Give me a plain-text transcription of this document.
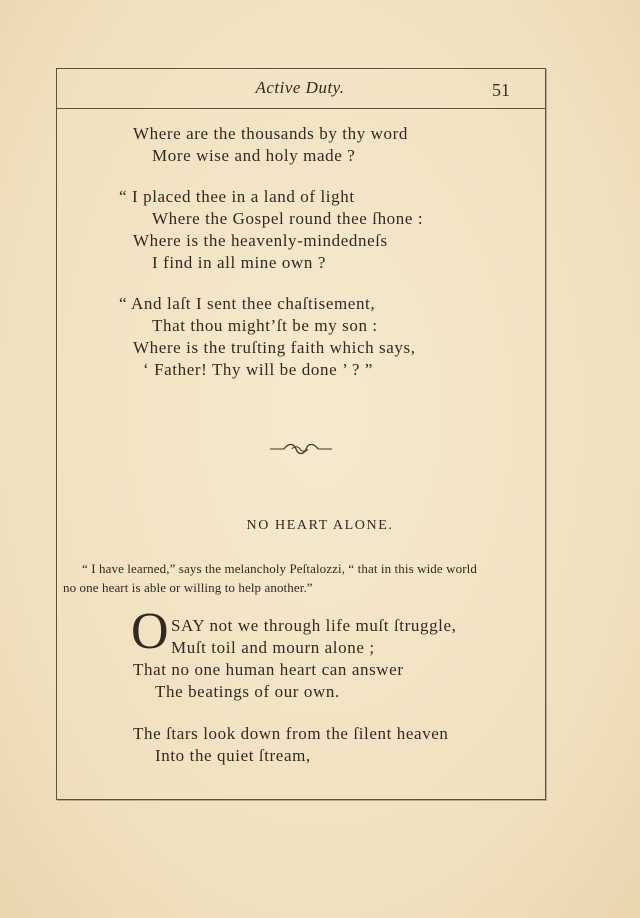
Active Duty.	51
Where are the thousands by thy word
More wise and holy made ?
“ I placed thee in a land of light
Where the Gospel round thee ſhone :
Where is the heavenly-mindedneſs
I find in all mine own ?
“ And laſt I sent thee chaſtisement,
That thou might’ſt be my son :
Where is the truſting faith which says,
‘ Father! Thy will be done ’ ? ”
NO HEART ALONE.
“ I have learned,” says the melancholy Peſtalozzi, “ that in this wide world
no one heart is able or willing to help another.”
O SAY not we through life muſt ſtruggle,
Muſt toil and mourn alone ;
That no one human heart can answer
The beatings of our own.
The ſtars look down from the ſilent heaven
Into the quiet ſtream,
